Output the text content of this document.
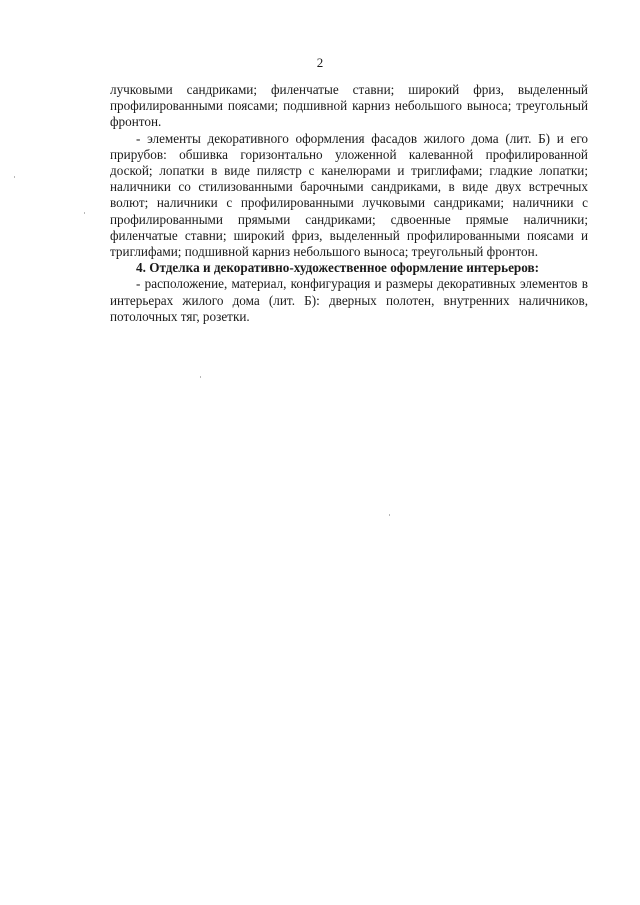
2

лучковыми сандриками; филенчатые ставни; широкий фриз, выделенный профилированными поясами; подшивной карниз небольшого выноса; треугольный фронтон.

- элементы декоративного оформления фасадов жилого дома (лит. Б) и его прирубов: обшивка горизонтально уложенной калеванной профилированной доской; лопатки в виде пилястр с канелюрами и триглифами; гладкие лопатки; наличники со стилизованными барочными сандриками, в виде двух встречных волют; наличники с профилированными лучковыми сандриками; наличники с профилированными прямыми сандриками; сдвоенные прямые наличники; филенчатые ставни; широкий фриз, выделенный профилированными поясами и триглифами; подшивной карниз небольшого выноса; треугольный фронтон.

4. Отделка и декоративно-художественное оформление интерьеров:

- расположение, материал, конфигурация и размеры декоративных элементов в интерьерах жилого дома (лит. Б): дверных полотен, внутренних наличников, потолочных тяг, розетки.
